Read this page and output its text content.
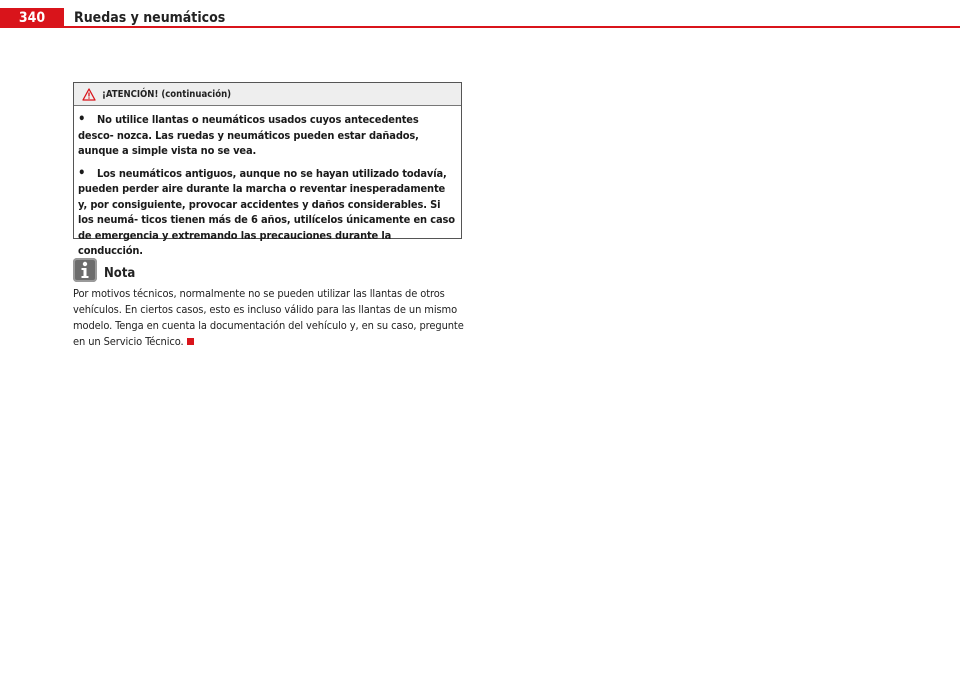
340	Ruedas y neumáticos
¡ATENCIÓN! (continuación)
• No utilice llantas o neumáticos usados cuyos antecedentes desco- nozca. Las ruedas y neumáticos pueden estar dañados, aunque a simple vista no se vea.
• Los neumáticos antiguos, aunque no se hayan utilizado todavía, pueden perder aire durante la marcha o reventar inesperadamente y, por consiguiente, provocar accidentes y daños considerables. Si los neumá- ticos tienen más de 6 años, utilícelos únicamente en caso de emergencia y extremando las precauciones durante la conducción.
Nota
Por motivos técnicos, normalmente no se pueden utilizar las llantas de otros vehículos. En ciertos casos, esto es incluso válido para las llantas de un mismo modelo. Tenga en cuenta la documentación del vehículo y, en su caso, pregunte en un Servicio Técnico.
